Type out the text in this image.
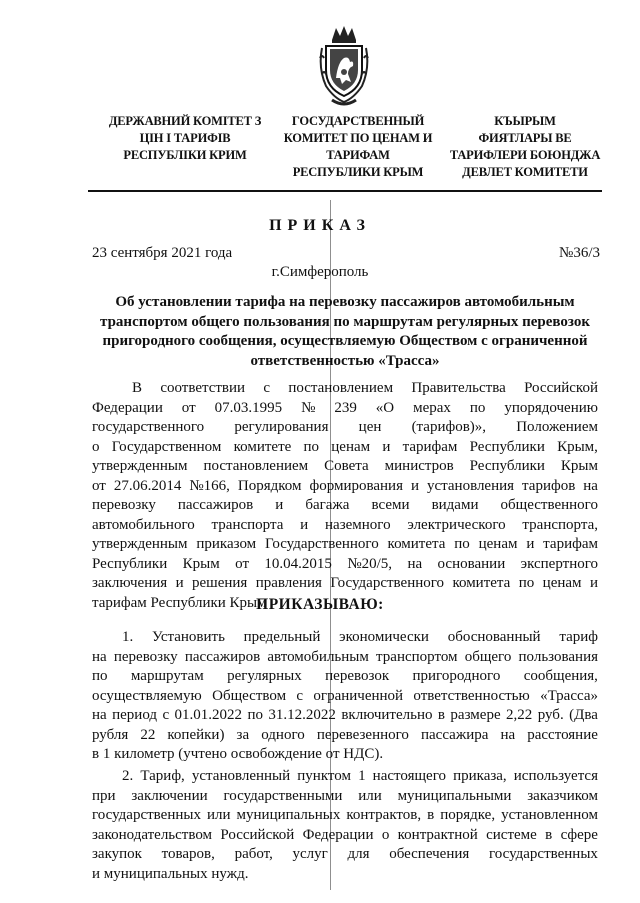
ДЕРЖАВНИЙ КОМІТЕТ З
ЦІН І ТАРИФІВ
РЕСПУБЛІКИ КРИМ
ГОСУДАРСТВЕННЫЙ
КОМИТЕТ ПО ЦЕНАМ И
ТАРИФАМ
РЕСПУБЛИКИ КРЫМ
КЪЫРЫМ
ФИЯТЛАРЫ ВЕ
ТАРИФЛЕРИ БОЮНДЖА
ДЕВЛЕТ КОМИТЕТИ
ПРИКАЗ
23 сентября 2021 года	№36/3
г.Симферополь
Об установлении тарифа на перевозку пассажиров автомобильным
транспортом общего пользования по маршрутам регулярных перевозок
пригородного сообщения, осуществляемую Обществом с ограниченной
ответственностью «Трасса»
В соответствии с постановлением Правительства Российской
Федерации от 07.03.1995 № 239 «О мерах по упорядочению
государственного регулирования цен (тарифов)», Положением
о Государственном комитете по ценам и тарифам Республики Крым,
утвержденным постановлением Совета министров Республики Крым
от 27.06.2014 №166, Порядком формирования и установления тарифов на
перевозку пассажиров и багажа всеми видами общественного
автомобильного транспорта и наземного электрического транспорта,
утвержденным приказом Государственного комитета по ценам и тарифам
Республики Крым от 10.04.2015 №20/5, на основании экспертного
заключения и решения правления Государственного комитета по ценам и
тарифам Республики Крым
ПРИКАЗЫВАЮ:
1. Установить предельный экономически обоснованный тариф
на перевозку пассажиров автомобильным транспортом общего пользования
по маршрутам регулярных перевозок пригородного сообщения,
осуществляемую Обществом с ограниченной ответственностью «Трасса»
на период с 01.01.2022 по 31.12.2022 включительно в размере 2,22 руб. (Два
рубля 22 копейки) за одного перевезенного пассажира на расстояние
в 1 километр (учтено освобождение от НДС).
2. Тариф, установленный пунктом 1 настоящего приказа, используется
при заключении государственными или муниципальными заказчиком
государственных или муниципальных контрактов, в порядке, установленном
законодательством Российской Федерации о контрактной системе в сфере
закупок товаров, работ, услуг для обеспечения государственных
и муниципальных нужд.
